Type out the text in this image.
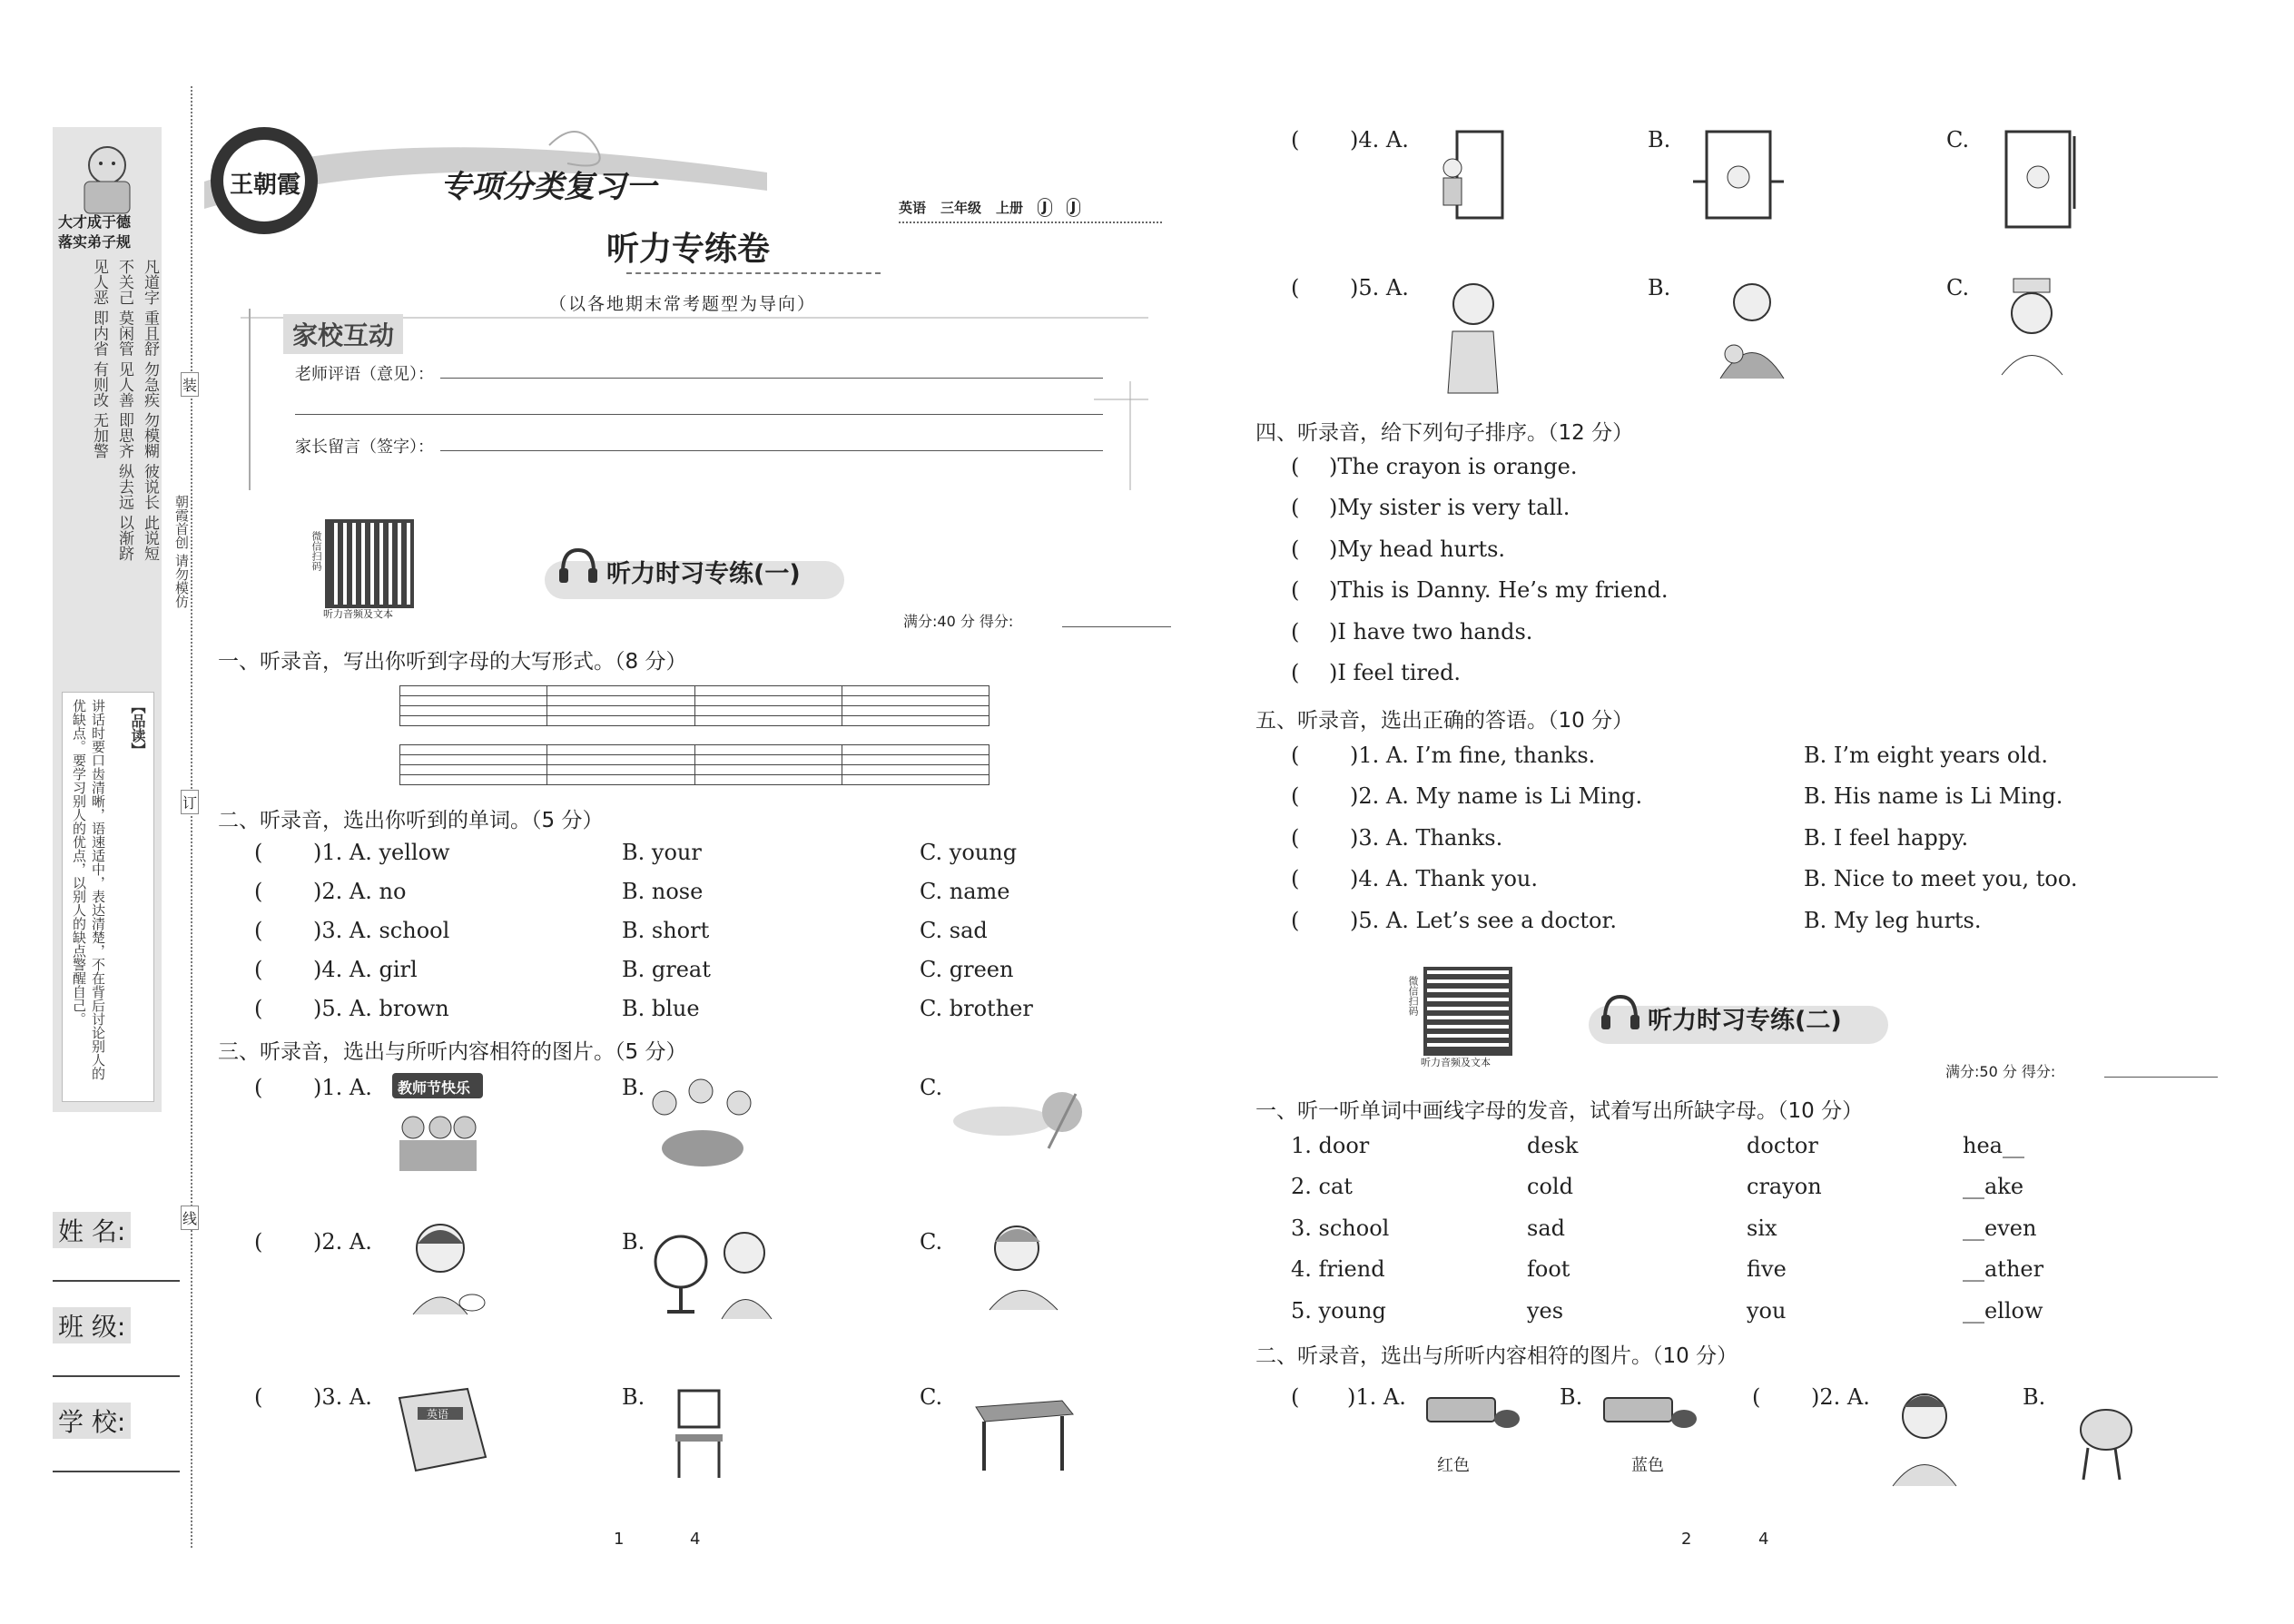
大才成于德
落实弟子规
凡道字 重且舒 勿急疾 勿模糊 彼说长 此说短
不关己 莫闲管 见人善 即思齐 纵去远 以渐跻
见人恶 即内省 有则改 无加警
【品读】
讲话时要口齿清晰，语速适中，表达清楚，不在背后讨论别人的优缺点。要学习别人的优点，以别人的缺点警醒自己。
姓 名:
班 级:
学 校:
装
订
线
朝霞首创 请勿模仿
王朝霞	专项分类复习一
听力专练卷
（以各地期末常考题型为导向）
英语 三年级 上册	J	J
家校互动
老师评语（意见）：
家长留言（签字）：
微信扫码
听力音频及文本
听力时习专练(一)
满分:40 分 得分:
一、听录音，写出你听到字母的大写形式。（8 分）

二、听录音，选出你听到的单词。（5 分）
( )1. A. yellow	B. your	C. young
( )2. A. no	B. nose	C. name
( )3. A. school	B. short	C. sad
( )4. A. girl	B. great	C. green
( )5. A. brown	B. blue	C. brother
三、听录音，选出与所听内容相符的图片。（5 分）
( )1. A.	B.	C.
( )2. A.	B.	C.
( )3. A.	B.	C.
教师节快乐
英语
1	4
( )4. A.	B.	C.
( )5. A.	B.	C.
四、听录音，给下列句子排序。（12 分）
( )The crayon is orange.
( )My sister is very tall.
( )My head hurts.
( )This is Danny. He’s my friend.
( )I have two hands.
( )I feel tired.
五、听录音，选出正确的答语。（10 分）
( )1. A. I’m fine, thanks.	B. I’m eight years old.
( )2. A. My name is Li Ming.	B. His name is Li Ming.
( )3. A. Thanks.	B. I feel happy.
( )4. A. Thank you.	B. Nice to meet you, too.
( )5. A. Let’s see a doctor.	B. My leg hurts.
微信扫码
听力音频及文本
听力时习专练(二)
满分:50 分 得分:
一、听一听单词中画线字母的发音，试着写出所缺字母。（10 分）
1. door	desk	doctor	hea__
2. cat	cold	crayon	__ake
3. school	sad	six	__even
4. friend	foot	five	__ather
5. young	yes	you	__ellow
二、听录音，选出与所听内容相符的图片。（10 分）
( )1. A.	B.	( )2. A.	B.
红色	蓝色
2	4
